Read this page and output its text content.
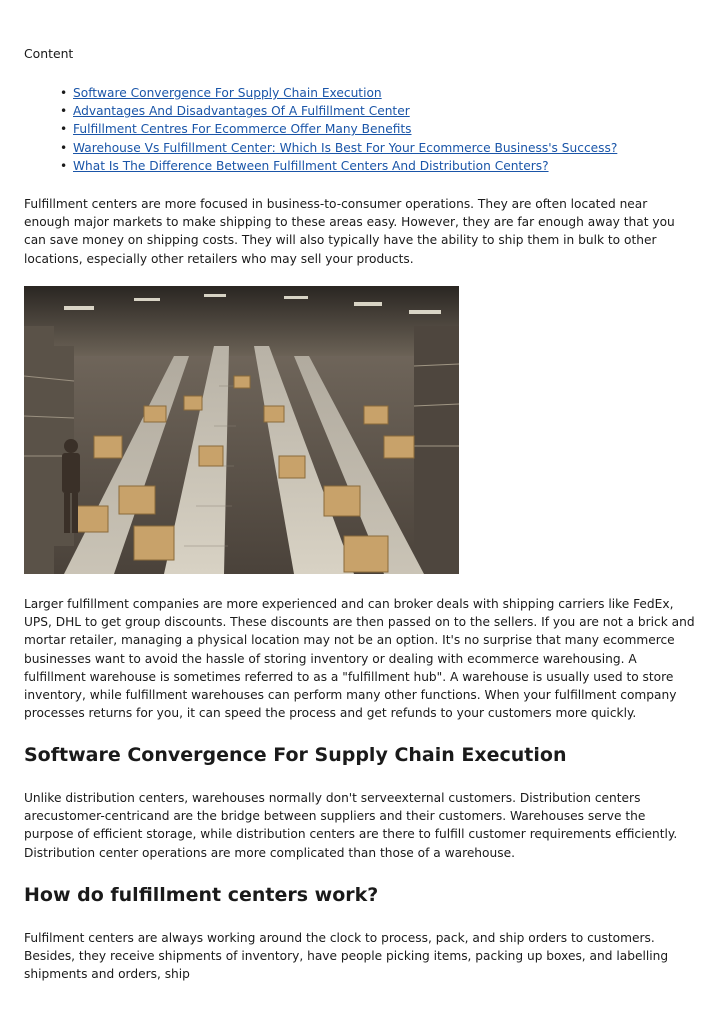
Content
• Software Convergence For Supply Chain Execution
• Advantages And Disadvantages Of A Fulfillment Center
• Fulfillment Centres For Ecommerce Offer Many Benefits
• Warehouse Vs Fulfillment Center: Which Is Best For Your Ecommerce Business's Success?
• What Is The Difference Between Fulfillment Centers And Distribution Centers?

Fulfillment centers are more focused in business-to-consumer operations. They are often located near enough major markets to make shipping to these areas easy. However, they are far enough away that you can save money on shipping costs. They will also typically have the ability to ship them in bulk to other locations, especially other retailers who may sell your products.

Larger fulfillment companies are more experienced and can broker deals with shipping carriers like FedEx, UPS, DHL to get group discounts. These discounts are then passed on to the sellers. If you are not a brick and mortar retailer, managing a physical location may not be an option. It's no surprise that many ecommerce businesses want to avoid the hassle of storing inventory or dealing with ecommerce warehousing. A fulfillment warehouse is sometimes referred to as a "fulfillment hub". A warehouse is usually used to store inventory, while fulfillment warehouses can perform many other functions. When your fulfillment company processes returns for you, it can speed the process and get refunds to your customers more quickly.

Software Convergence For Supply Chain Execution

Unlike distribution centers, warehouses normally don't serveexternal customers. Distribution centers arecustomer-centricand are the bridge between suppliers and their customers. Warehouses serve the purpose of efficient storage, while distribution centers are there to fulfill customer requirements efficiently. Distribution center operations are more complicated than those of a warehouse.

How do fulfillment centers work?

Fulfilment centers are always working around the clock to process, pack, and ship orders to customers. Besides, they receive shipments of inventory, have people picking items, packing up boxes, and labelling shipments and orders, ship
